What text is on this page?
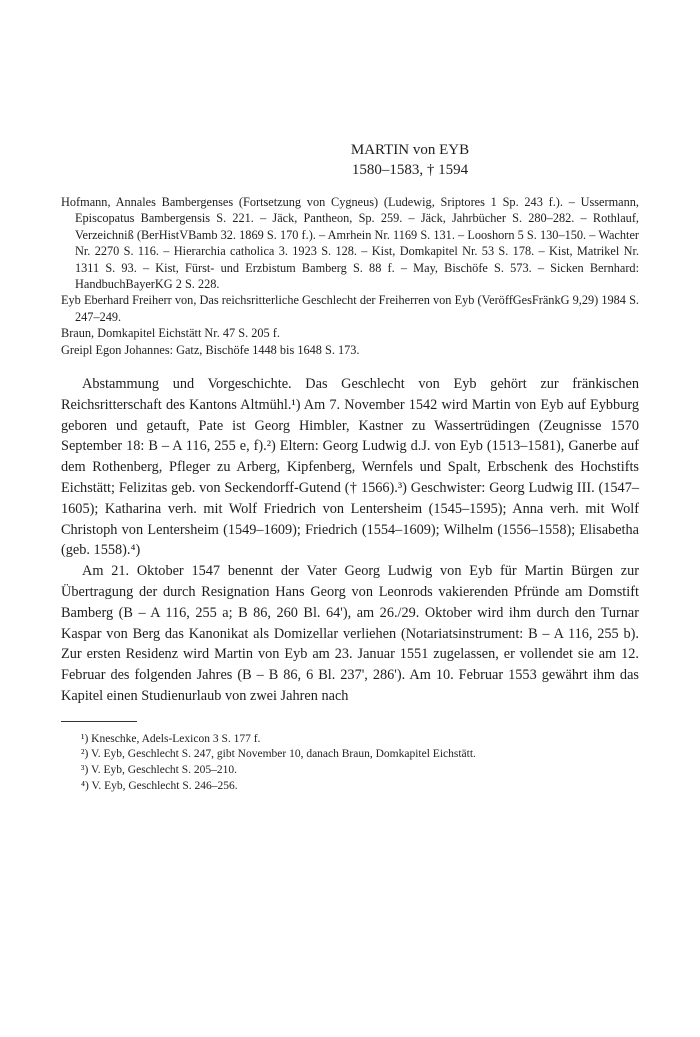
MARTIN von EYB
1580–1583, † 1594
Hofmann, Annales Bambergenses (Fortsetzung von Cygneus) (Ludewig, Sriptores 1 Sp. 243 f.). – Ussermann, Episcopatus Bambergensis S. 221. – Jäck, Pantheon, Sp. 259. – Jäck, Jahrbücher S. 280–282. – Rothlauf, Verzeichniß (BerHistVBamb 32. 1869 S. 170 f.). – Amrhein Nr. 1169 S. 131. – Looshorn 5 S. 130–150. – Wachter Nr. 2270 S. 116. – Hierarchia catholica 3. 1923 S. 128. – Kist, Domkapitel Nr. 53 S. 178. – Kist, Matrikel Nr. 1311 S. 93. – Kist, Fürst- und Erzbistum Bamberg S. 88 f. – May, Bischöfe S. 573. – Sicken Bernhard: HandbuchBayerKG 2 S. 228.
Eyb Eberhard Freiherr von, Das reichsritterliche Geschlecht der Freiherren von Eyb (VeröffGesFränkG 9,29) 1984 S. 247–249.
Braun, Domkapitel Eichstätt Nr. 47 S. 205 f.
Greipl Egon Johannes: Gatz, Bischöfe 1448 bis 1648 S. 173.

Abstammung und Vorgeschichte. Das Geschlecht von Eyb gehört zur fränkischen Reichsritterschaft des Kantons Altmühl.¹) Am 7. November 1542 wird Martin von Eyb auf Eybburg geboren und getauft, Pate ist Georg Himbler, Kastner zu Wassertrüdingen (Zeugnisse 1570 September 18: B – A 116, 255 e, f).²) Eltern: Georg Ludwig d.J. von Eyb (1513–1581), Ganerbe auf dem Rothenberg, Pfleger zu Arberg, Kipfenberg, Wernfels und Spalt, Erbschenk des Hochstifts Eichstätt; Felizitas geb. von Seckendorff-Gutend († 1566).³) Geschwister: Georg Ludwig III. (1547–1605); Katharina verh. mit Wolf Friedrich von Lentersheim (1545–1595); Anna verh. mit Wolf Christoph von Lentersheim (1549–1609); Friedrich (1554–1609); Wilhelm (1556–1558); Elisabetha (geb. 1558).⁴)

Am 21. Oktober 1547 benennt der Vater Georg Ludwig von Eyb für Martin Bürgen zur Übertragung der durch Resignation Hans Georg von Leonrods vakierenden Pfründe am Domstift Bamberg (B – A 116, 255 a; B 86, 260 Bl. 64'), am 26./29. Oktober wird ihm durch den Turnar Kaspar von Berg das Kanonikat als Domizellar verliehen (Notariatsinstrument: B – A 116, 255 b). Zur ersten Residenz wird Martin von Eyb am 23. Januar 1551 zugelassen, er vollendet sie am 12. Februar des folgenden Jahres (B – B 86, 6 Bl. 237', 286'). Am 10. Februar 1553 gewährt ihm das Kapitel einen Studienurlaub von zwei Jahren nach

¹) Kneschke, Adels-Lexicon 3 S. 177 f.
²) V. Eyb, Geschlecht S. 247, gibt November 10, danach Braun, Domkapitel Eichstätt.
³) V. Eyb, Geschlecht S. 205–210.
⁴) V. Eyb, Geschlecht S. 246–256.
